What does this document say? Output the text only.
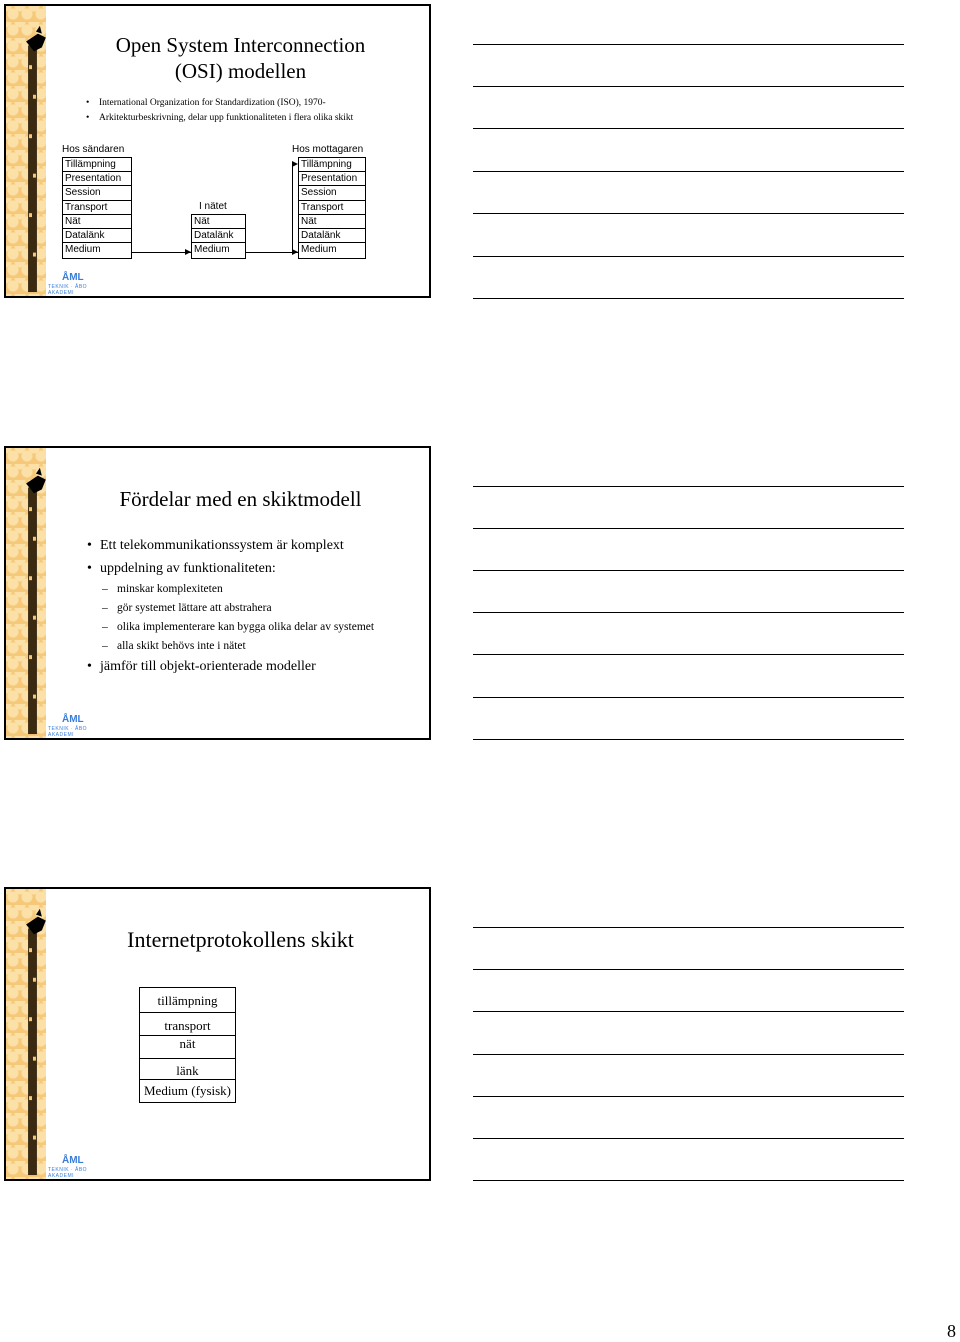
ÅML
TEKNIK · ÅBO AKADEMI
Open System Interconnection
(OSI) modellen
• International Organization for Standardization (ISO), 1970-
• Arkitekturbeskrivning, delar upp funktionaliteten i flera olika skikt
Hos sändaren	Hos mottagaren
I nätet
Tillämpning
Presentation
Session
Transport
Nät
Datalänk
Medium
Nät
Datalänk
Medium
Tillämpning
Presentation
Session
Transport
Nät
Datalänk
Medium
ÅML
TEKNIK · ÅBO AKADEMI
Fördelar med en skiktmodell
• Ett telekommunikationssystem är komplext
• uppdelning av funktionaliteten:
– minskar komplexiteten
– gör systemet lättare att abstrahera
– olika implementerare kan bygga olika delar av systemet
– alla skikt behövs inte i nätet
• jämför till objekt-orienterade modeller
ÅML
TEKNIK · ÅBO AKADEMI
Internetprotokollens skikt
tillämpning
transport
nät
länk
Medium (fysisk)
8
